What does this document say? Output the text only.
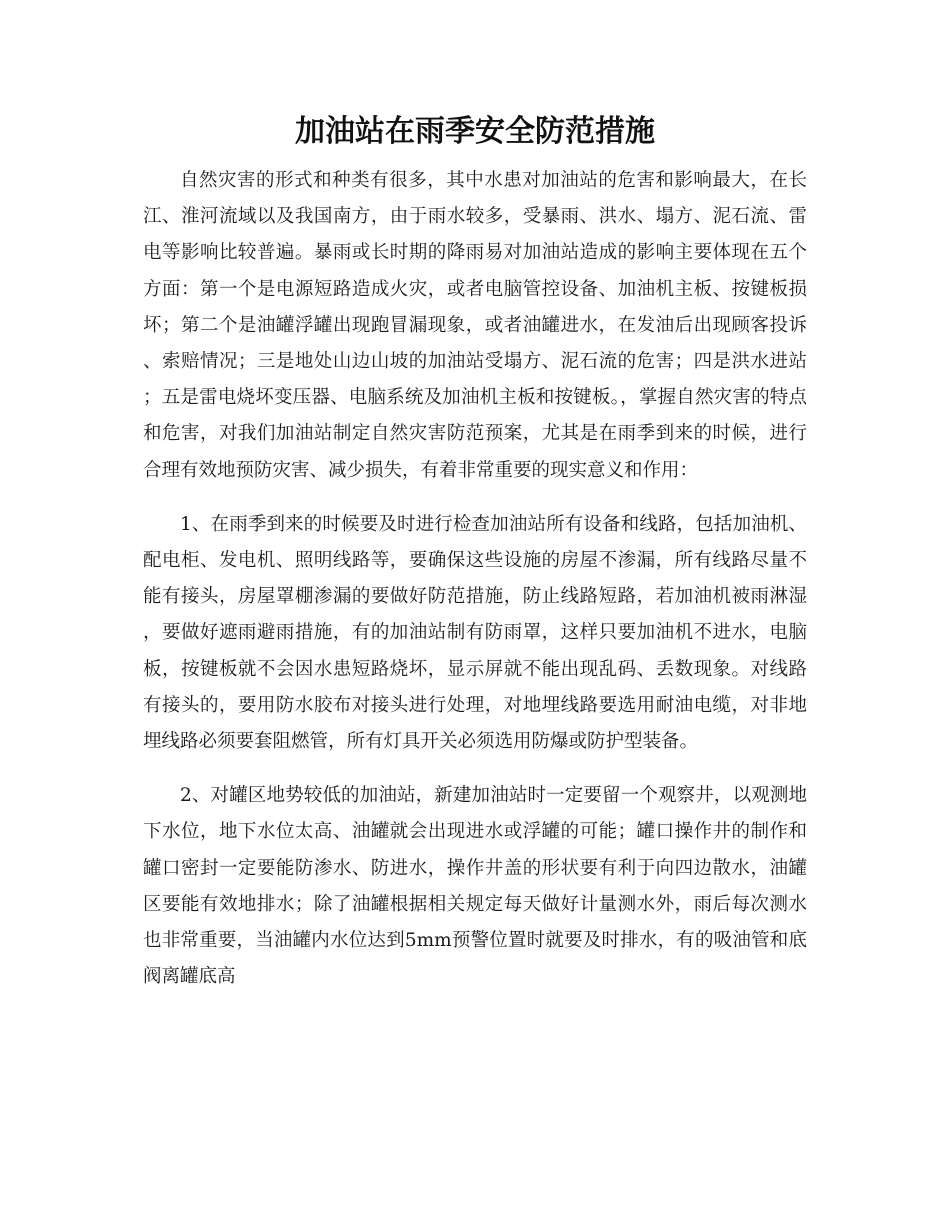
加油站在雨季安全防范措施

自然灾害的形式和种类有很多，其中水患对加油站的危害和影响最大，在长江、淮河流域以及我国南方，由于雨水较多，受暴雨、洪水、塌方、泥石流、雷电等影响比较普遍。暴雨或长时期的降雨易对加油站造成的影响主要体现在五个方面：第一个是电源短路造成火灾，或者电脑管控设备、加油机主板、按键板损坏；第二个是油罐浮罐出现跑冒漏现象，或者油罐进水，在发油后出现顾客投诉、索赔情况；三是地处山边山坡的加油站受塌方、泥石流的危害；四是洪水进站；五是雷电烧坏变压器、电脑系统及加油机主板和按键板。，掌握自然灾害的特点和危害，对我们加油站制定自然灾害防范预案，尤其是在雨季到来的时候，进行合理有效地预防灾害、减少损失，有着非常重要的现实意义和作用：

1、在雨季到来的时候要及时进行检查加油站所有设备和线路，包括加油机、配电柜、发电机、照明线路等，要确保这些设施的房屋不渗漏，所有线路尽量不能有接头，房屋罩棚渗漏的要做好防范措施，防止线路短路，若加油机被雨淋湿，要做好遮雨避雨措施，有的加油站制有防雨罩，这样只要加油机不进水，电脑板，按键板就不会因水患短路烧坏，显示屏就不能出现乱码、丢数现象。对线路有接头的，要用防水胶布对接头进行处理，对地埋线路要选用耐油电缆，对非地埋线路必须要套阻燃管，所有灯具开关必须选用防爆或防护型装备。

2、对罐区地势较低的加油站，新建加油站时一定要留一个观察井，以观测地下水位，地下水位太高、油罐就会出现进水或浮罐的可能；罐口操作井的制作和罐口密封一定要能防渗水、防进水，操作井盖的形状要有利于向四边散水，油罐区要能有效地排水；除了油罐根据相关规定每天做好计量测水外，雨后每次测水也非常重要，当油罐内水位达到5mm预警位置时就要及时排水，有的吸油管和底阀离罐底高
